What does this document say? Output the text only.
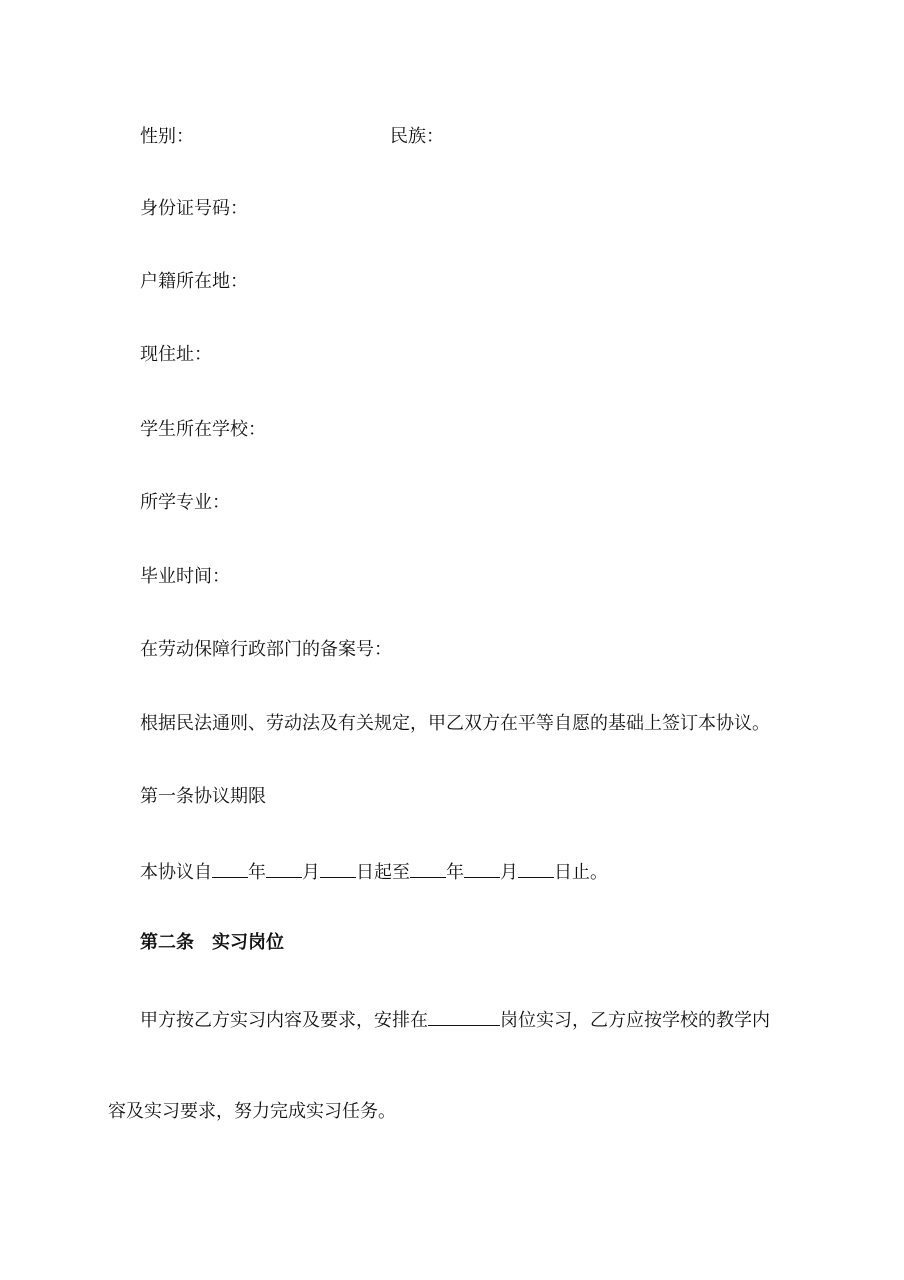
性别：	民族：
身份证号码：
户籍所在地：
现住址：
学生所在学校：
所学专业：
毕业时间：
在劳动保障行政部门的备案号：
根据民法通则、劳动法及有关规定，甲乙双方在平等自愿的基础上签订本协议。
第一条协议期限
本协议自 年 月 日起至 年 月 日止。
第二条 实习岗位
甲方按乙方实习内容及要求，安排在	岗位实习，乙方应按学校的教学内
容及实习要求，努力完成实习任务。
